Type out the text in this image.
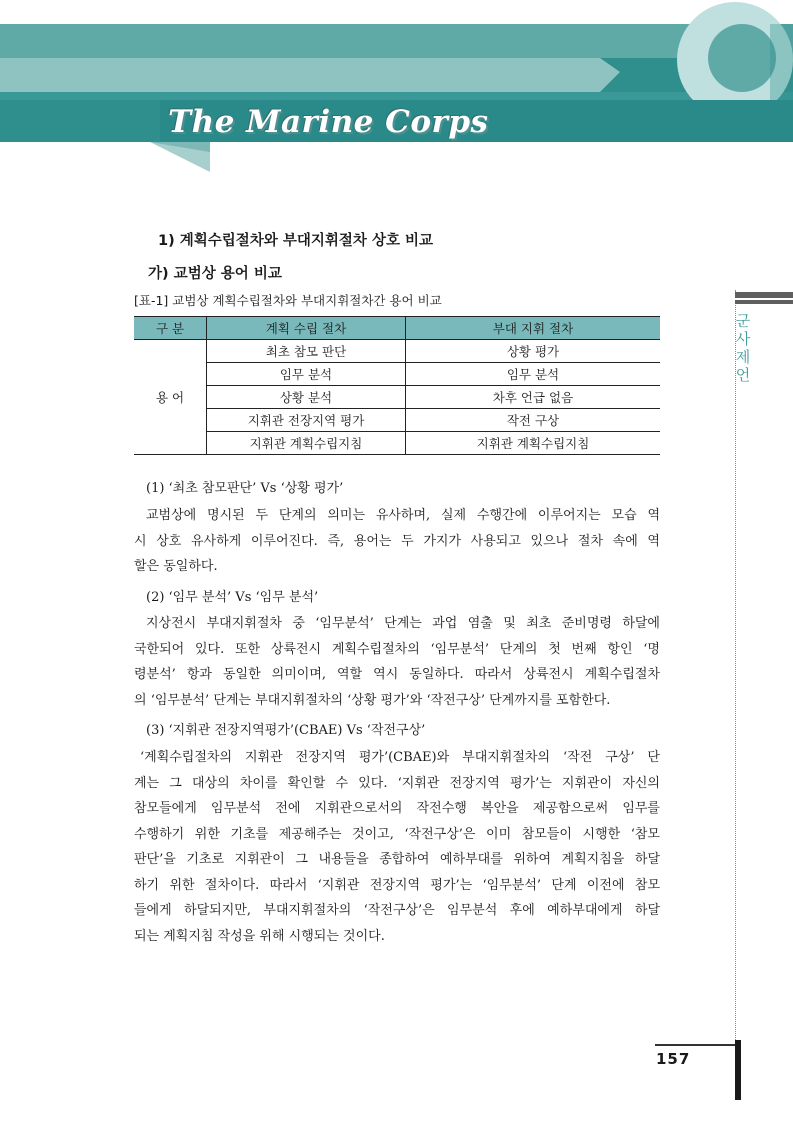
The Marine Corps
군사제언
157
1) 계획수립절차와 부대지휘절차 상호 비교
가) 교범상 용어 비교
[표-1] 교범상 계획수립절차와 부대지휘절차간 용어 비교
구 분	계획 수립 절차	부대 지휘 절차
용 어	최초 참모 판단	상황 평가
	임무 분석	임무 분석
	상황 분석	차후 언급 없음
	지휘관 전장지역 평가	작전 구상
	지휘관 계획수립지침	지휘관 계획수립지침
(1) ‘최초 참모판단’ Vs ‘상황 평가’
교범상에 명시된 두 단계의 의미는 유사하며, 실제 수행간에 이루어지는 모습 역
시 상호 유사하게 이루어진다. 즉, 용어는 두 가지가 사용되고 있으나 절차 속에 역
할은 동일하다.
(2) ‘임무 분석’ Vs ‘임무 분석’
지상전시 부대지휘절차 중 ‘임무분석’ 단계는 과업 염출 및 최초 준비명령 하달에
국한되어 있다. 또한 상륙전시 계획수립절차의 ‘임무분석’ 단계의 첫 번째 항인 ‘명
령분석’ 항과 동일한 의미이며, 역할 역시 동일하다. 따라서 상륙전시 계획수립절차
의 ‘임무분석’ 단계는 부대지휘절차의 ‘상황 평가’와 ‘작전구상’ 단계까지를 포함한다.
(3) ‘지휘관 전장지역평가’(CBAE) Vs ‘작전구상’
‘계획수립절차의 지휘관 전장지역 평가’(CBAE)와 부대지휘절차의 ‘작전 구상’ 단
계는 그 대상의 차이를 확인할 수 있다. ‘지휘관 전장지역 평가’는 지휘관이 자신의
참모들에게 임무분석 전에 지휘관으로서의 작전수행 복안을 제공함으로써 임무를
수행하기 위한 기초를 제공해주는 것이고, ‘작전구상’은 이미 참모들이 시행한 ‘참모
판단’을 기초로 지휘관이 그 내용들을 종합하여 예하부대를 위하여 계획지침을 하달
하기 위한 절차이다. 따라서 ‘지휘관 전장지역 평가’는 ‘임무분석’ 단계 이전에 참모
들에게 하달되지만, 부대지휘절차의 ‘작전구상’은 임무분석 후에 예하부대에게 하달
되는 계획지침 작성을 위해 시행되는 것이다.
